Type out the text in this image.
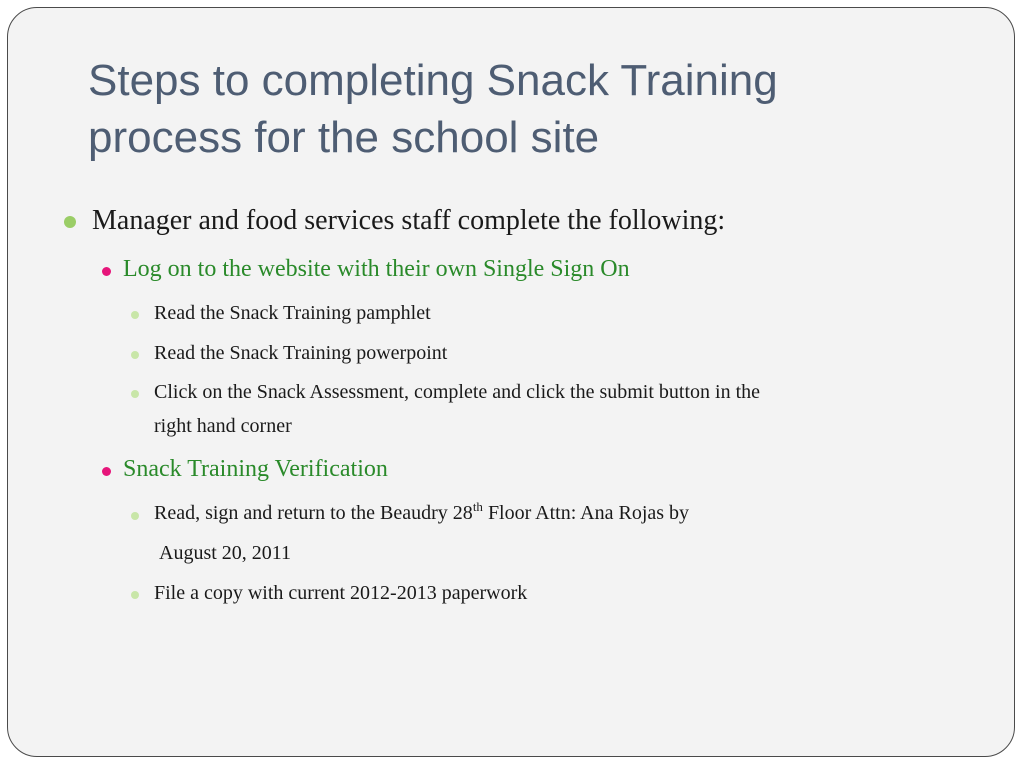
Steps to completing Snack Training
process for the school site
Manager and food services staff complete the following:
Log on to the website with their own Single Sign On
Read the Snack Training pamphlet
Read the Snack Training powerpoint
Click on the Snack Assessment, complete and click the submit button in the
right hand corner
Snack Training Verification
Read, sign and return to the Beaudry 28th Floor Attn: Ana Rojas by
August 20, 2011
File a copy with current 2012-2013 paperwork
